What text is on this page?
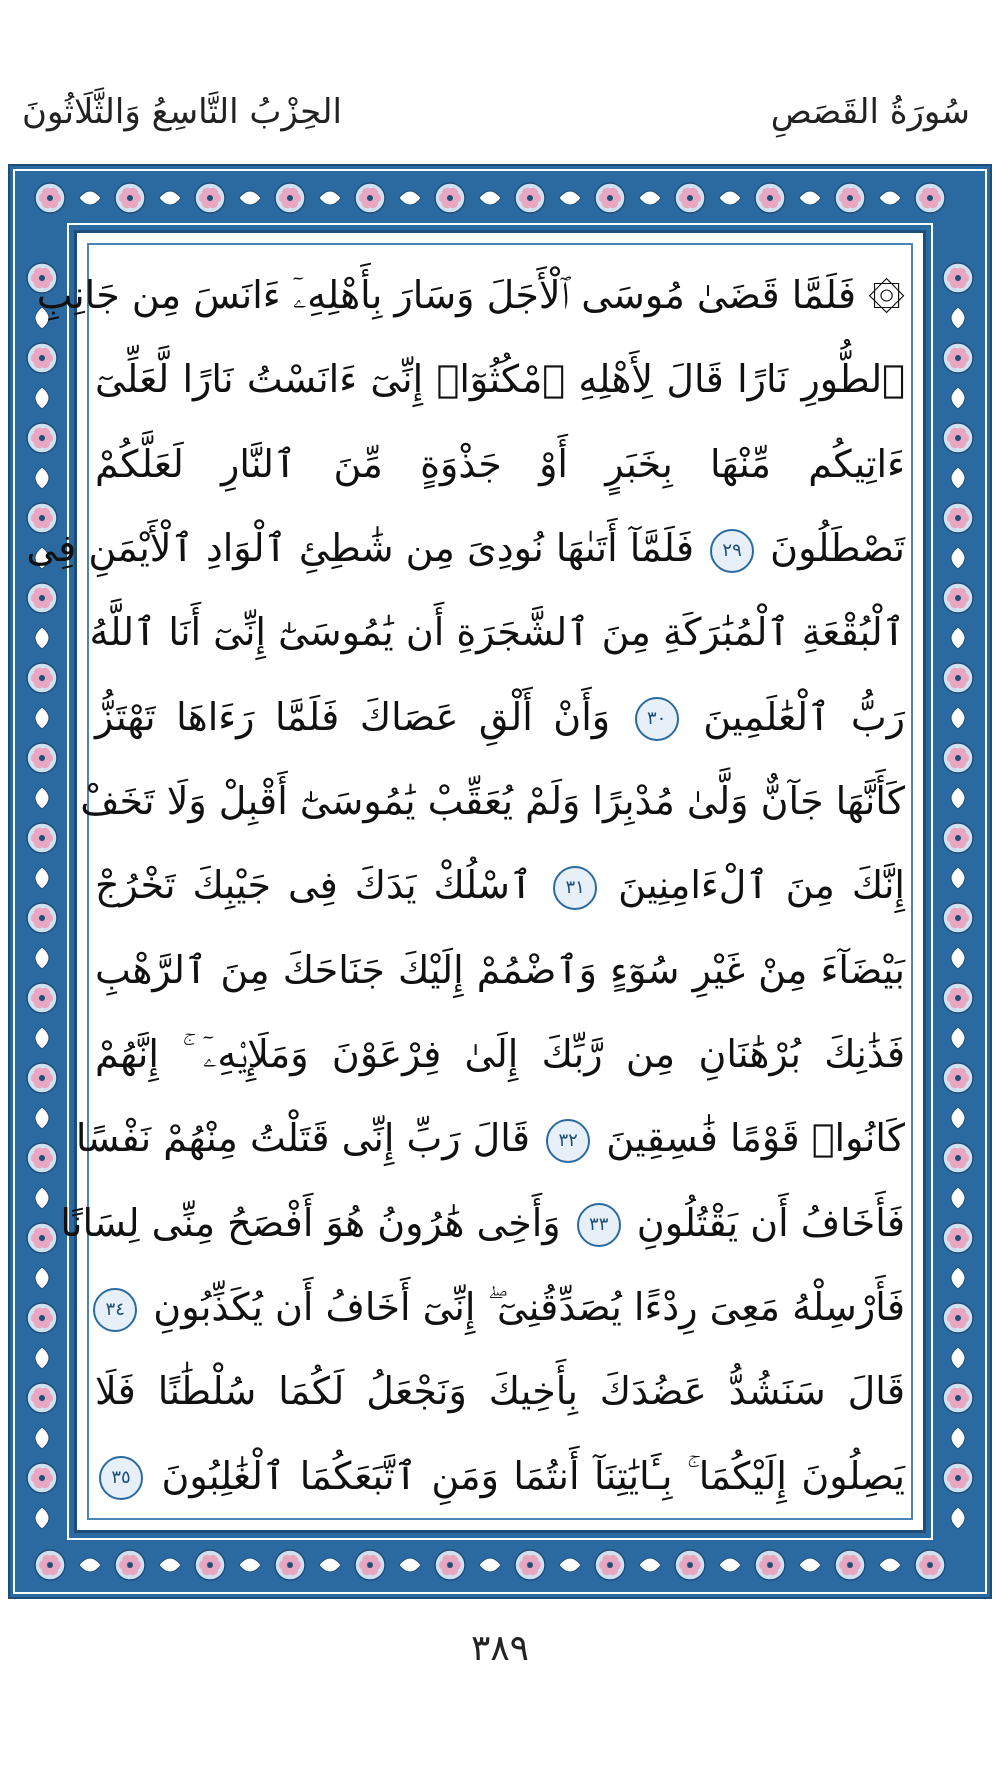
سُورَةُ القَصَصِ
الحِزْبُ التَّاسِعُ وَالثَّلَاثُونَ
۞ فَلَمَّا قَضَىٰ مُوسَى ٱلْأَجَلَ وَسَارَ بِأَهْلِهِۦٓ ءَانَسَ مِن جَانِبِ
ٱلطُّورِ نَارًا قَالَ لِأَهْلِهِ ٱمْكُثُوٓا۟ إِنِّىٓ ءَانَسْتُ نَارًا لَّعَلِّىٓ
ءَاتِيكُم مِّنْهَا بِخَبَرٍ أَوْ جَذْوَةٍ مِّنَ ٱلنَّارِ لَعَلَّكُمْ
تَصْطَلُونَ ٢٩ فَلَمَّآ أَتَىٰهَا نُودِىَ مِن شَٰطِئِ ٱلْوَادِ ٱلْأَيْمَنِ فِى
ٱلْبُقْعَةِ ٱلْمُبَٰرَكَةِ مِنَ ٱلشَّجَرَةِ أَن يَٰمُوسَىٰٓ إِنِّىٓ أَنَا ٱللَّهُ
رَبُّ ٱلْعَٰلَمِينَ ٣٠ وَأَنْ أَلْقِ عَصَاكَ فَلَمَّا رَءَاهَا تَهْتَزُّ
كَأَنَّهَا جَآنٌّ وَلَّىٰ مُدْبِرًا وَلَمْ يُعَقِّبْ يَٰمُوسَىٰٓ أَقْبِلْ وَلَا تَخَفْ
إِنَّكَ مِنَ ٱلْءَامِنِينَ ٣١ ٱسْلُكْ يَدَكَ فِى جَيْبِكَ تَخْرُجْ
بَيْضَآءَ مِنْ غَيْرِ سُوٓءٍ وَٱضْمُمْ إِلَيْكَ جَنَاحَكَ مِنَ ٱلرَّهْبِ
فَذَٰنِكَ بُرْهَٰنَانِ مِن رَّبِّكَ إِلَىٰ فِرْعَوْنَ وَمَلَإِي۟هِۦٓ ۚ إِنَّهُمْ
كَانُوا۟ قَوْمًا فَٰسِقِينَ ٣٢ قَالَ رَبِّ إِنِّى قَتَلْتُ مِنْهُمْ نَفْسًا
فَأَخَافُ أَن يَقْتُلُونِ ٣٣ وَأَخِى هَٰرُونُ هُوَ أَفْصَحُ مِنِّى لِسَانًا
فَأَرْسِلْهُ مَعِىَ رِدْءًا يُصَدِّقُنِىٓ ۖ إِنِّىٓ أَخَافُ أَن يُكَذِّبُونِ ٣٤
قَالَ سَنَشُدُّ عَضُدَكَ بِأَخِيكَ وَنَجْعَلُ لَكُمَا سُلْطَٰنًا فَلَا
يَصِلُونَ إِلَيْكُمَا ۚ بِـَٔايَٰتِنَآ أَنتُمَا وَمَنِ ٱتَّبَعَكُمَا ٱلْغَٰلِبُونَ ٣٥
٣٨٩
